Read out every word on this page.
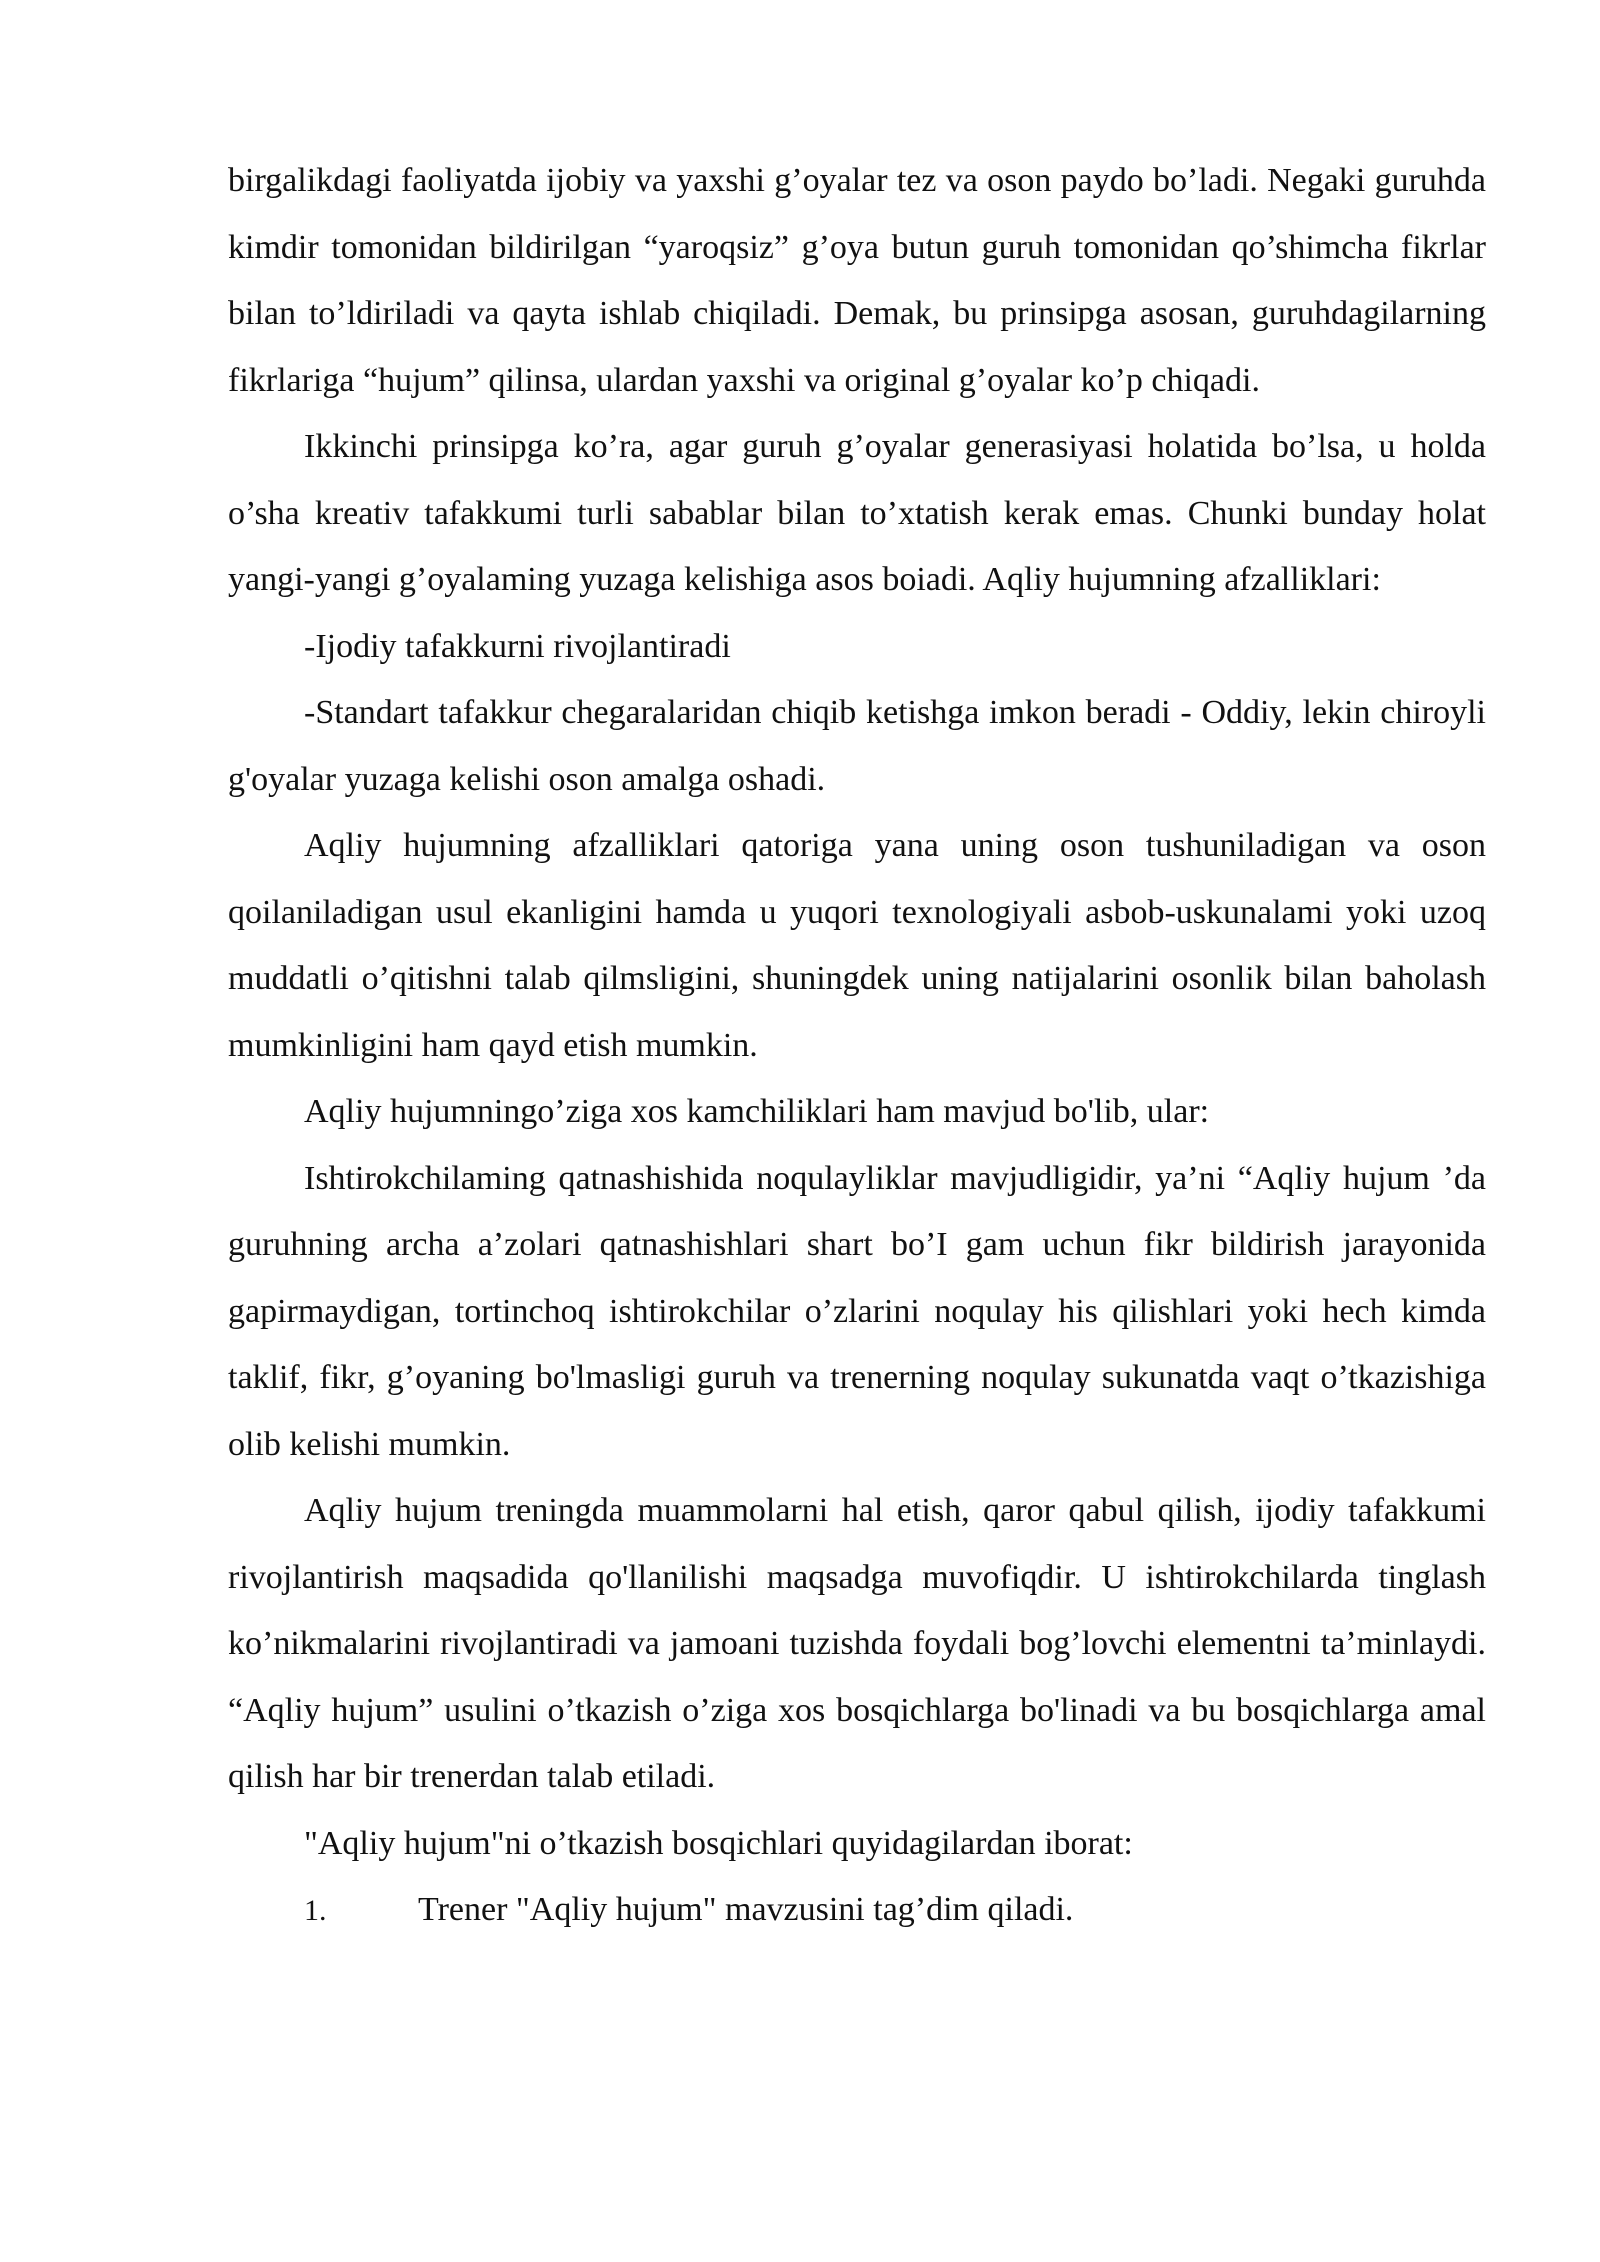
birgalikdagi faoliyatda ijobiy va yaxshi g’oyalar tez va oson paydo bo’ladi. Negaki guruhda kimdir tomonidan bildirilgan “yaroqsiz” g’oya butun guruh tomonidan qo’shimcha fikrlar bilan to’ldiriladi va qayta ishlab chiqiladi. Demak, bu prinsipga asosan, guruhdagilarning fikrlariga “hujum” qilinsa, ulardan yaxshi va original g’oyalar ko’p chiqadi.

Ikkinchi prinsipga ko’ra, agar guruh g’oyalar generasiyasi holatida bo’lsa, u holda o’sha kreativ tafakkumi turli sabablar bilan to’xtatish kerak emas. Chunki bunday holat yangi-yangi g’oyalaming yuzaga kelishiga asos boiadi. Aqliy hujumning afzalliklari:

-Ijodiy tafakkurni rivojlantiradi

-Standart tafakkur chegaralaridan chiqib ketishga imkon beradi - Oddiy, lekin chiroyli g'oyalar yuzaga kelishi oson amalga oshadi.

Aqliy hujumning afzalliklari qatoriga yana uning oson tushuniladigan va oson qoilaniladigan usul ekanligini hamda u yuqori texnologiyali asbob-uskunalami yoki uzoq muddatli o’qitishni talab qilmsligini, shuningdek uning natijalarini osonlik bilan baholash mumkinligini ham qayd etish mumkin.

Aqliy hujumningo’ziga xos kamchiliklari ham mavjud bo'lib, ular:

Ishtirokchilaming qatnashishida noqulayliklar mavjudligidir, ya’ni “Aqliy hujum ’da guruhning archa a’zolari qatnashishlari shart bo’I gam uchun fikr bildirish jarayonida gapirmaydigan, tortinchoq ishtirokchilar o’zlarini noqulay his qilishlari yoki hech kimda taklif, fikr, g’oyaning bo'lmasligi guruh va trenerning noqulay sukunatda vaqt o’tkazishiga olib kelishi mumkin.

Aqliy hujum treningda muammolarni hal etish, qaror qabul qilish, ijodiy tafakkumi rivojlantirish maqsadida qo'llanilishi maqsadga muvofiqdir. U ishtirokchilarda tinglash ko’nikmalarini rivojlantiradi va jamoani tuzishda foydali bog’lovchi elementni ta’minlaydi. “Aqliy hujum” usulini o’tkazish o’ziga xos bosqichlarga bo'linadi va bu bosqichlarga amal qilish har bir trenerdan talab etiladi.

"Aqliy hujum"ni o’tkazish bosqichlari quyidagilardan iborat:

1.	Trener "Aqliy hujum" mavzusini tag’dim qiladi.
